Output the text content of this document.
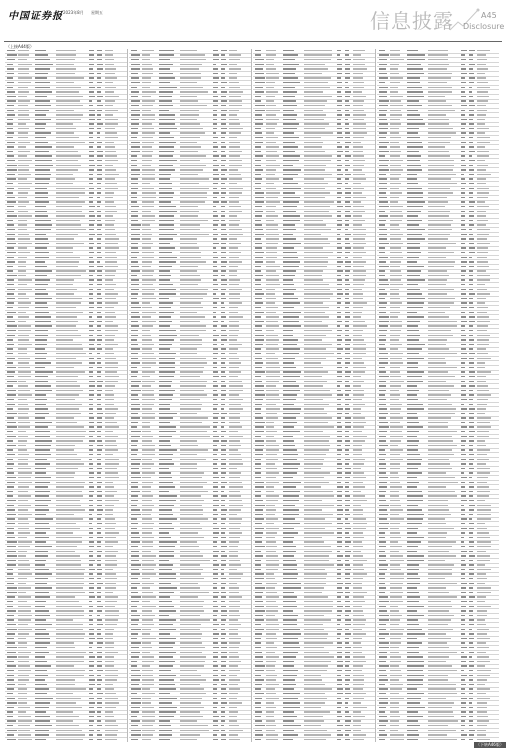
中国证券报 2023年8月 星期五	信息披露	A45
Disclosure
（上接A44版）
（下转A46版）
